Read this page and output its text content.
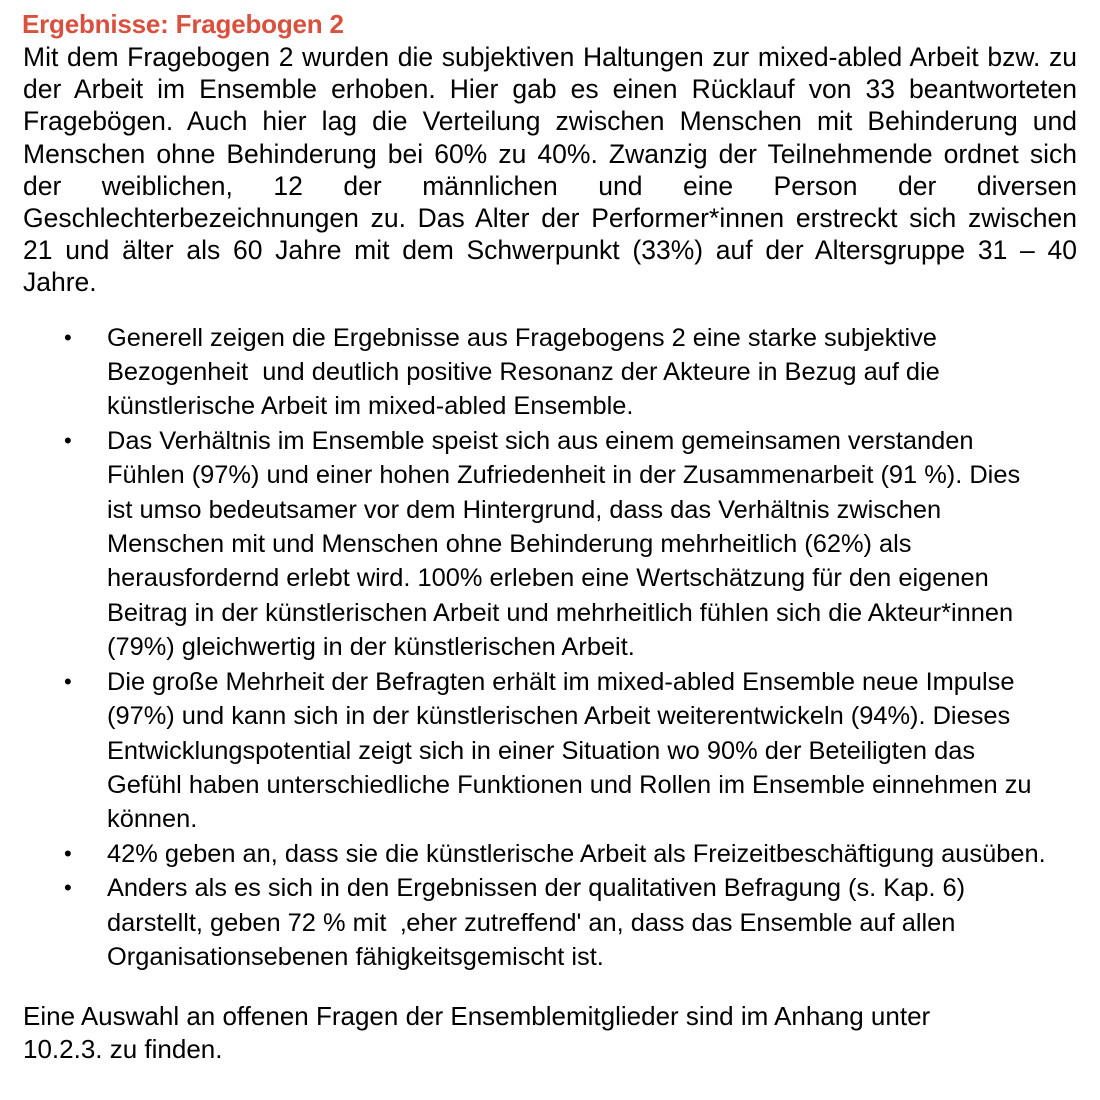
Ergebnisse: Fragebogen 2

Mit dem Fragebogen 2 wurden die subjektiven Haltungen zur mixed-abled Arbeit bzw. zu der Arbeit im Ensemble erhoben. Hier gab es einen Rücklauf von 33 beantworteten Fragebögen. Auch hier lag die Verteilung zwischen Menschen mit Behinderung und Menschen ohne Behinderung bei 60% zu 40%. Zwanzig der Teilnehmende ordnet sich der weiblichen, 12 der männlichen und eine Person der diversen Geschlechterbezeichnungen zu. Das Alter der Performer*innen erstreckt sich zwischen 21 und älter als 60 Jahre mit dem Schwerpunkt (33%) auf der Altersgruppe 31 – 40 Jahre.

• Generell zeigen die Ergebnisse aus Fragebogens 2 eine starke subjektive Bezogenheit  und deutlich positive Resonanz der Akteure in Bezug auf die künstlerische Arbeit im mixed-abled Ensemble.
• Das Verhältnis im Ensemble speist sich aus einem gemeinsamen verstanden Fühlen (97%) und einer hohen Zufriedenheit in der Zusammenarbeit (91 %). Dies ist umso bedeutsamer vor dem Hintergrund, dass das Verhältnis zwischen Menschen mit und Menschen ohne Behinderung mehrheitlich (62%) als herausfordernd erlebt wird. 100% erleben eine Wertschätzung für den eigenen Beitrag in der künstlerischen Arbeit und mehrheitlich fühlen sich die Akteur*innen (79%) gleichwertig in der künstlerischen Arbeit.
• Die große Mehrheit der Befragten erhält im mixed-abled Ensemble neue Impulse (97%) und kann sich in der künstlerischen Arbeit weiterentwickeln (94%). Dieses Entwicklungspotential zeigt sich in einer Situation wo 90% der Beteiligten das Gefühl haben unterschiedliche Funktionen und Rollen im Ensemble einnehmen zu können.
• 42% geben an, dass sie die künstlerische Arbeit als Freizeitbeschäftigung ausüben.
• Anders als es sich in den Ergebnissen der qualitativen Befragung (s. Kap. 6) darstellt, geben 72 % mit  ‚eher zutreffend' an, dass das Ensemble auf allen Organisationsebenen fähigkeitsgemischt ist.

Eine Auswahl an offenen Fragen der Ensemblemitglieder sind im Anhang unter 10.2.3. zu finden.
